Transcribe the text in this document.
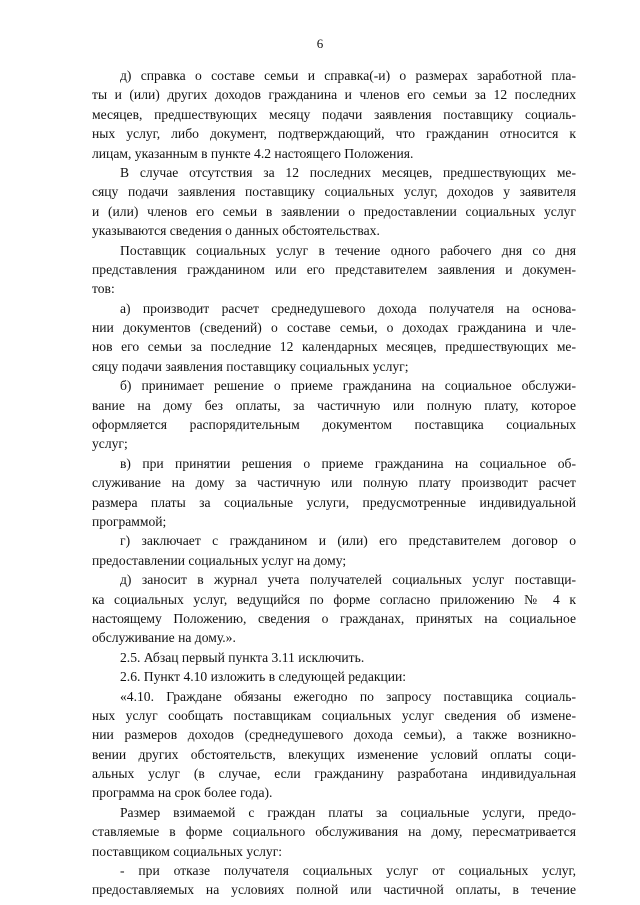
6
д) справка о составе семьи и справка(-и) о размерах заработной пла-
ты и (или) других доходов гражданина и членов его семьи за 12 последних
месяцев, предшествующих месяцу подачи заявления поставщику социаль-
ных услуг, либо документ, подтверждающий, что гражданин относится к
лицам, указанным в пункте 4.2 настоящего Положения.
В случае отсутствия за 12 последних месяцев, предшествующих ме-
сяцу подачи заявления поставщику социальных услуг, доходов у заявителя
и (или) членов его семьи в заявлении о предоставлении социальных услуг
указываются сведения о данных обстоятельствах.
Поставщик социальных услуг в течение одного рабочего дня со дня
представления гражданином или его представителем заявления и докумен-
тов:
а) производит расчет среднедушевого дохода получателя на основа-
нии документов (сведений) о составе семьи, о доходах гражданина и чле-
нов его семьи за последние 12 календарных месяцев, предшествующих ме-
сяцу подачи заявления поставщику социальных услуг;
б) принимает решение о приеме гражданина на социальное обслужи-
вание на дому без оплаты, за частичную или полную плату, которое
оформляется распорядительным документом поставщика социальных
услуг;
в) при принятии решения о приеме гражданина на социальное об-
служивание на дому за частичную или полную плату производит расчет
размера платы за социальные услуги, предусмотренные индивидуальной
программой;
г) заключает с гражданином и (или) его представителем договор о
предоставлении социальных услуг на дому;
д) заносит в журнал учета получателей социальных услуг поставщи-
ка социальных услуг, ведущийся по форме согласно приложению № 4 к
настоящему Положению, сведения о гражданах, принятых на социальное
обслуживание на дому.».
2.5. Абзац первый пункта 3.11 исключить.
2.6. Пункт 4.10 изложить в следующей редакции:
«4.10. Граждане обязаны ежегодно по запросу поставщика социаль-
ных услуг сообщать поставщикам социальных услуг сведения об измене-
нии размеров доходов (среднедушевого дохода семьи), а также возникно-
вении других обстоятельств, влекущих изменение условий оплаты соци-
альных услуг (в случае, если гражданину разработана индивидуальная
программа на срок более года).
Размер взимаемой с граждан платы за социальные услуги, предо-
ставляемые в форме социального обслуживания на дому, пересматривается
поставщиком социальных услуг:
- при отказе получателя социальных услуг от социальных услуг,
предоставляемых на условиях полной или частичной оплаты, в течение
